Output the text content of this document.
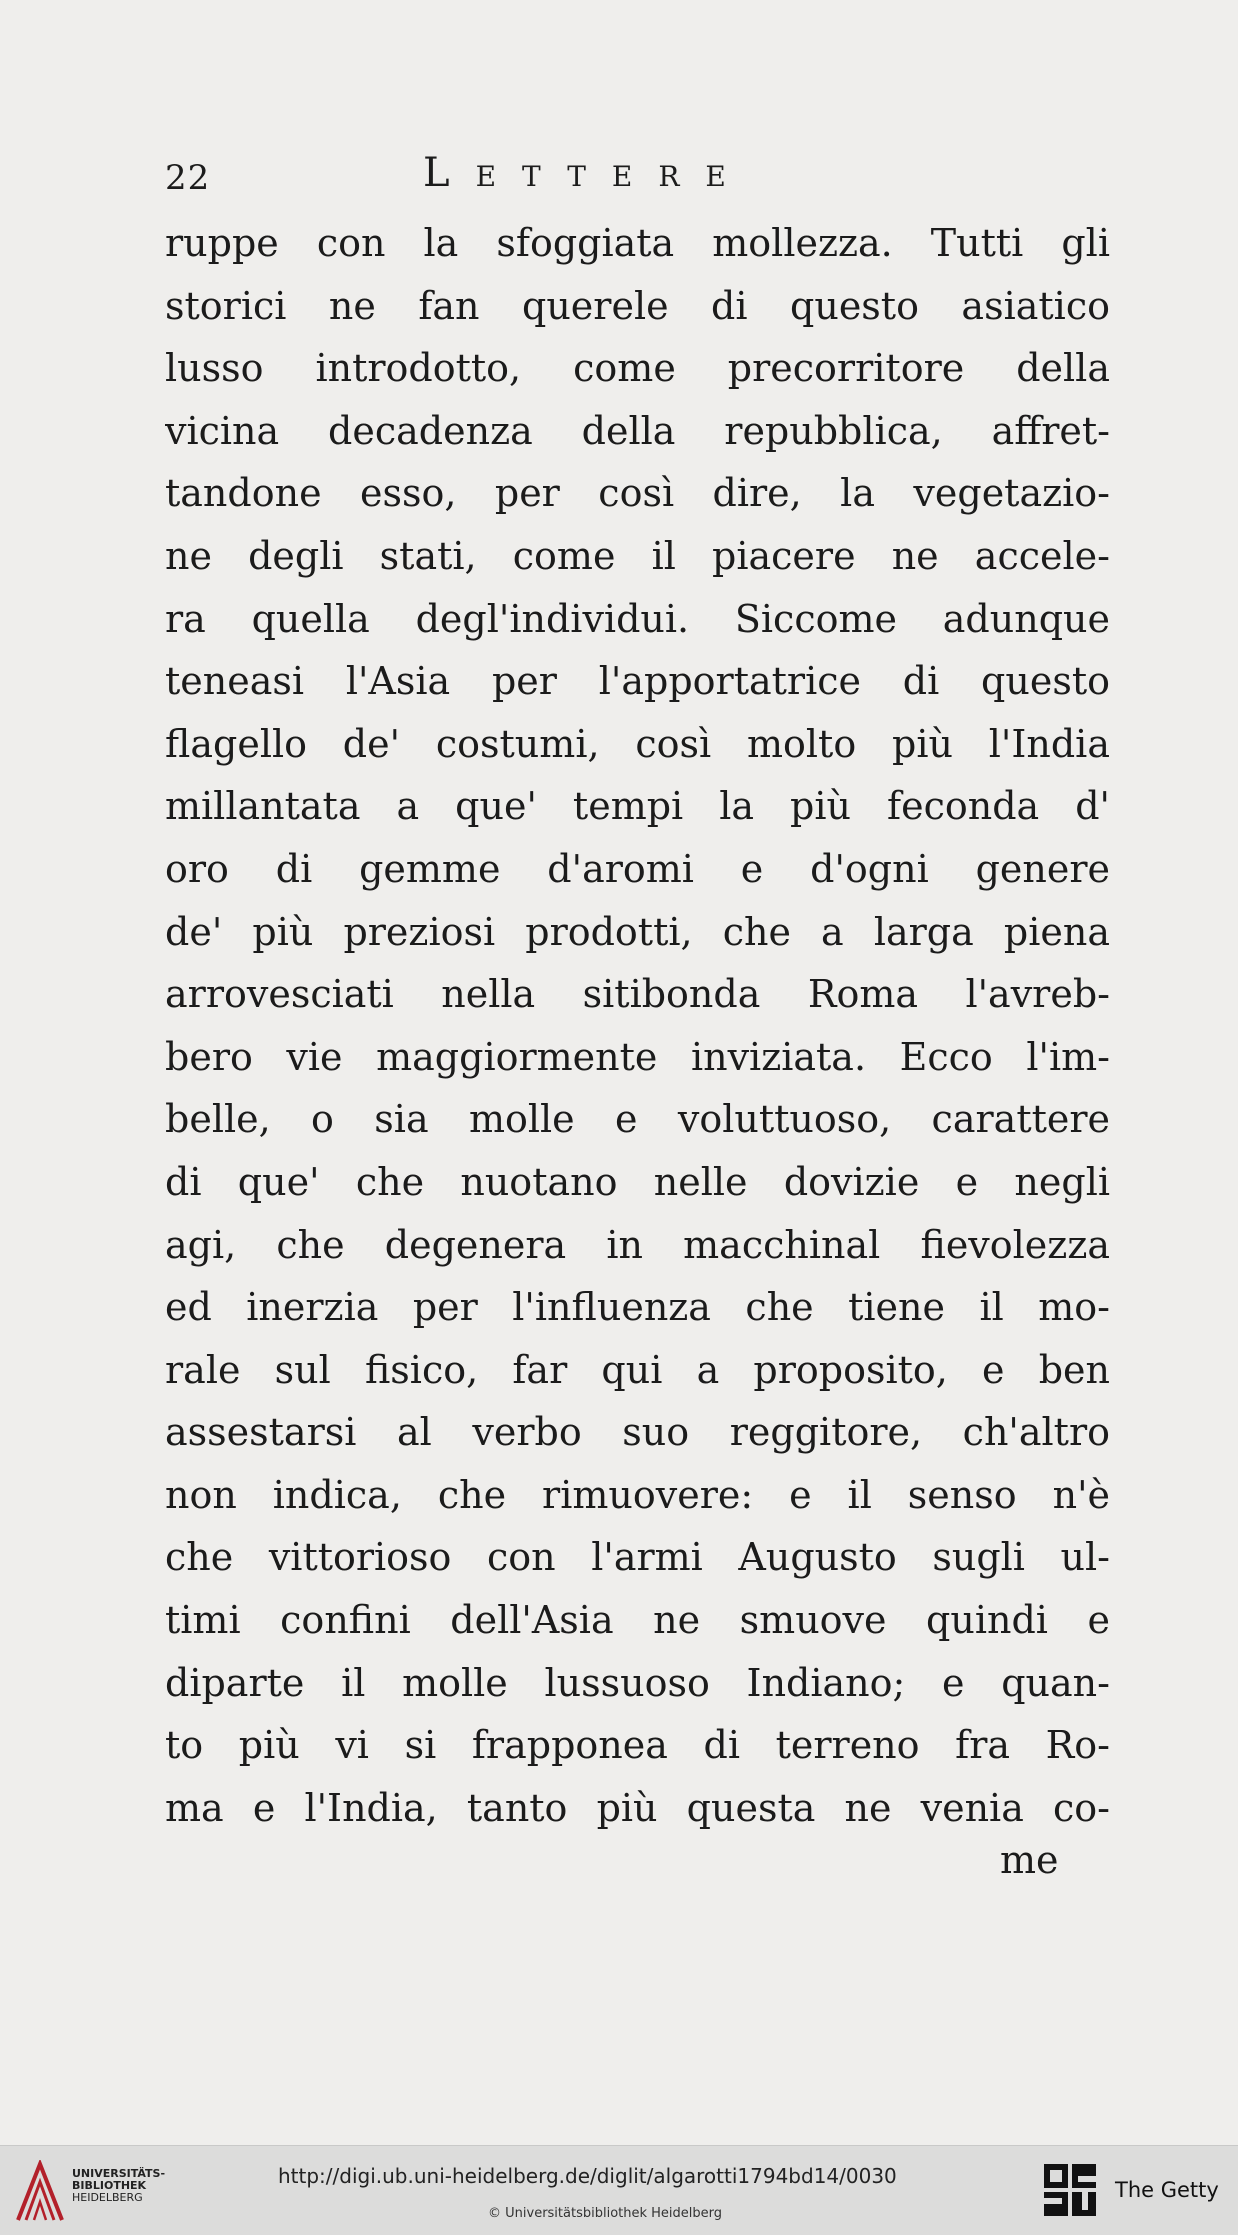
22	Lettere
ruppe con la sfoggiata mollezza. Tutti gli
storici ne fan querele di questo asiatico
lusso introdotto, come precorritore della
vicina decadenza della repubblica, affret-
tandone esso, per così dire, la vegetazio-
ne degli stati, come il piacere ne accele-
ra quella degl'individui. Siccome adunque
teneasi l'Asia per l'apportatrice di questo
flagello de' costumi, così molto più l'India
millantata a que' tempi la più feconda d'
oro di gemme d'aromi e d'ogni genere
de' più preziosi prodotti, che a larga piena
arrovesciati nella sitibonda Roma l'avreb-
bero vie maggiormente inviziata. Ecco l'im-
belle, o sia molle e voluttuoso, carattere
di que' che nuotano nelle dovizie e negli
agi, che degenera in macchinal fievolezza
ed inerzia per l'influenza che tiene il mo-
rale sul fisico, far qui a proposito, e ben
assestarsi al verbo suo reggitore, ch'altro
non indica, che rimuovere: e il senso n'è
che vittorioso con l'armi Augusto sugli ul-
timi confini dell'Asia ne smuove quindi e
diparte il molle lussuoso Indiano; e quan-
to più vi si frapponea di terreno fra Ro-
ma e l'India, tanto più questa ne venia co-
me
UNIVERSITÄTS-
BIBLIOTHEK
HEIDELBERG
http://digi.ub.uni-heidelberg.de/diglit/algarotti1794bd14/0030
© Universitätsbibliothek Heidelberg
The Getty
